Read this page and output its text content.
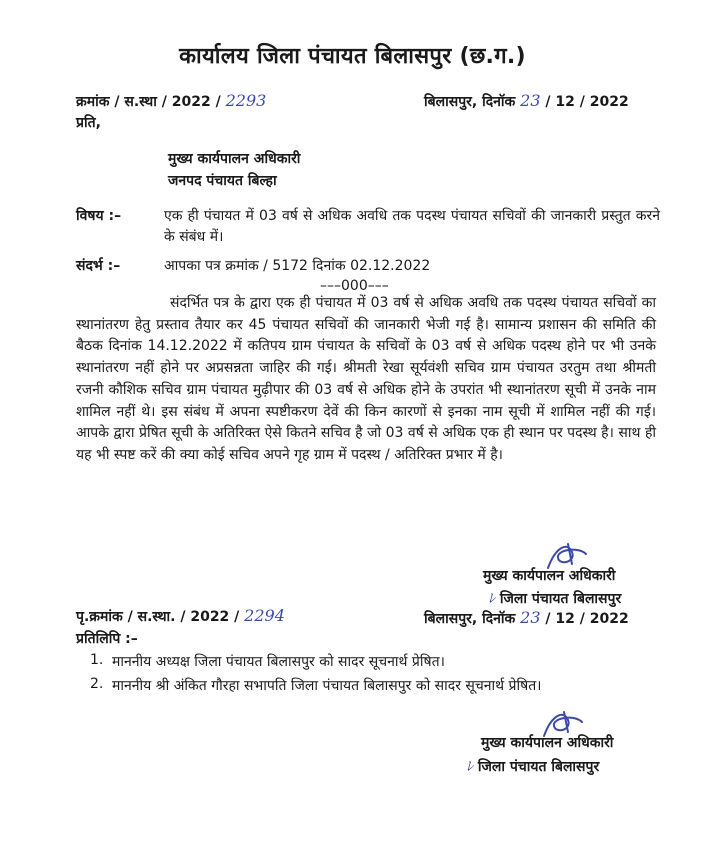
कार्यालय जिला पंचायत बिलासपुर (छ.ग.)
क्रमांक / स.स्था / 2022 / 2293	बिलासपुर, दिनॉक 23 / 12 / 2022
प्रति,
मुख्य कार्यपालन अधिकारी
जनपद पंचायत बिल्हा
विषय :–	एक ही पंचायत में 03 वर्ष से अधिक अवधि तक पदस्थ पंचायत सचिवों की जानकारी प्रस्तुत करने के संबंध में।
संदर्भ :–	आपका पत्र क्रमांक / 5172 दिनांक 02.12.2022
–––000–––
संदर्भित पत्र के द्वारा एक ही पंचायत में 03 वर्ष से अधिक अवधि तक पदस्थ पंचायत सचिवों का स्थानांतरण हेतु प्रस्ताव तैयार कर 45 पंचायत सचिवों की जानकारी भेजी गई है। सामान्य प्रशासन की समिति की बैठक दिनांक 14.12.2022 में कतिपय ग्राम पंचायत के सचिवों के 03 वर्ष से अधिक पदस्थ होने पर भी उनके स्थानांतरण नहीं होने पर अप्रसन्नता जाहिर की गई। श्रीमती रेखा सूर्यवंशी सचिव ग्राम पंचायत उरतुम तथा श्रीमती रजनी कौशिक सचिव ग्राम पंचायत मुढ़ीपार की 03 वर्ष से अधिक होने के उपरांत भी स्थानांतरण सूची में उनके नाम शामिल नहीं थे। इस संबंध में अपना स्पष्टीकरण देवें की किन कारणों से इनका नाम सूची में शामिल नहीं की गई। आपके द्वारा प्रेषित सूची के अतिरिक्त ऐसे कितने सचिव है जो 03 वर्ष से अधिक एक ही स्थान पर पदस्थ है। साथ ही यह भी स्पष्ट करें की क्या कोई सचिव अपने गृह ग्राम में पदस्थ / अतिरिक्त प्रभार में है।
मुख्य कार्यपालन अधिकारी
ﾚ जिला पंचायत बिलासपुर
पृ.क्रमांक / स.स्था. / 2022 / 2294	बिलासपुर, दिनॉक 23 / 12 / 2022
प्रतिलिपि :–
1. माननीय अध्यक्ष जिला पंचायत बिलासपुर को सादर सूचनार्थ प्रेषित।
2. माननीय श्री अंकित गौरहा सभापति जिला पंचायत बिलासपुर को सादर सूचनार्थ प्रेषित।
मुख्य कार्यपालन अधिकारी
ﾚ जिला पंचायत बिलासपुर
